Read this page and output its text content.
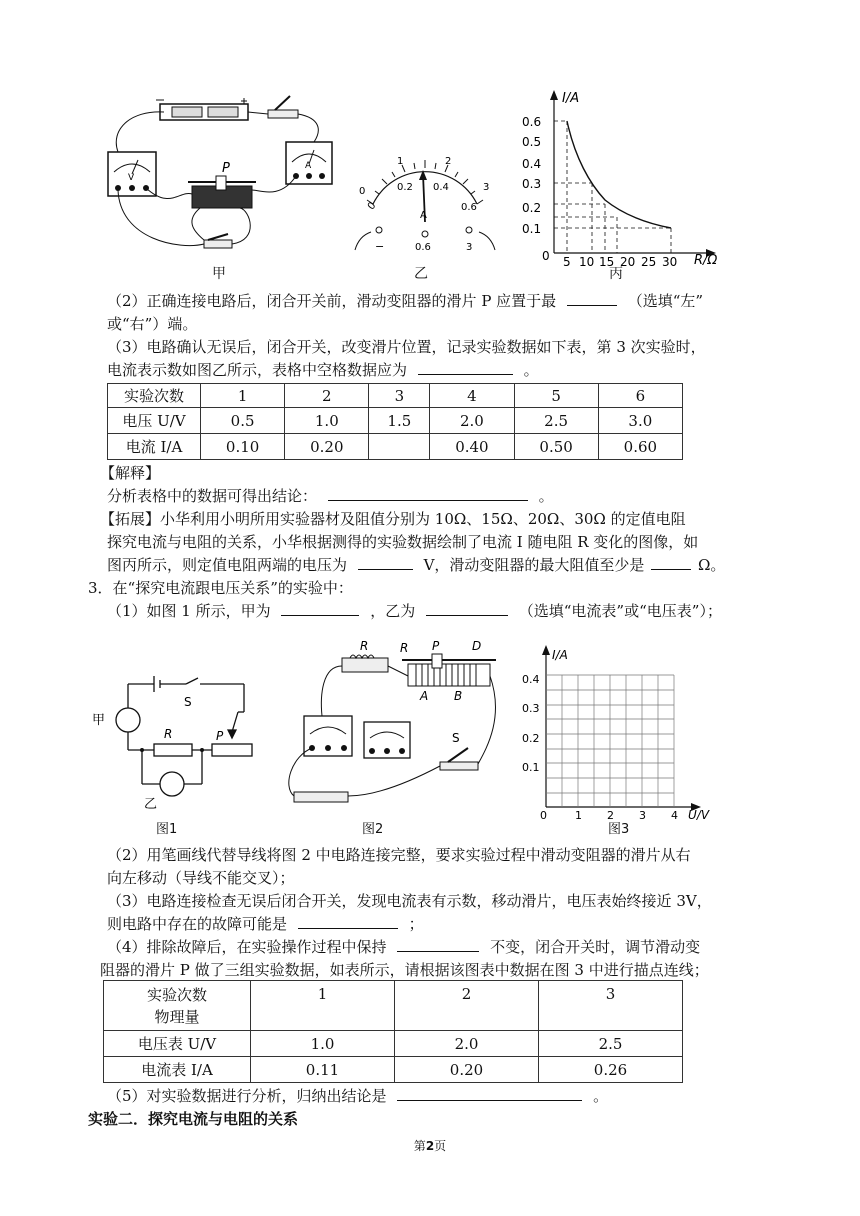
P
V
A
甲
0
1	2
3
0
0.2 0.4
0.6
A
−	0.6	3
乙
I/A
R/Ω
0
0.1
0.2
0.3
0.4
0.5
0.6
5 10 15 20 25 30
丙
（2）正确连接电路后，闭合开关前，滑动变阻器的滑片 P 应置于最	（选填“左”
或“右”）端。
（3）电路确认无误后，闭合开关，改变滑片位置，记录实验数据如下表，第 3 次实验时，
电流表示数如图乙所示，表格中空格数据应为	。
实验次数	1	2	3	4	5	6
电压 U/V	0.5	1.0	1.5	2.0	2.5	3.0
电流 I/A	0.10	0.20		0.40	0.50	0.60
【解释】
分析表格中的数据可得出结论：	。
【拓展】小华利用小明所用实验器材及阻值分别为 10Ω、15Ω、20Ω、30Ω 的定值电阻
探究电流与电阻的关系，小华根据测得的实验数据绘制了电流 I 随电阻 R 变化的图像，如
图丙所示，则定值电阻两端的电压为	V，滑动变阻器的最大阻值至少是	Ω。
3．在“探究电流跟电压关系”的实验中：
（1）如图 1 所示，甲为	，乙为	（选填“电流表”或“电压表”）；
甲
乙
S
R	P
图1
R	R P	D
A B
S
图2
I/A
U/V
0
0.1
0.2
0.3
0.4
1 2 3 4
图3
（2）用笔画线代替导线将图 2 中电路连接完整，要求实验过程中滑动变阻器的滑片从右
向左移动（导线不能交叉）；
（3）电路连接检查无误后闭合开关，发现电流表有示数，移动滑片，电压表始终接近 3V，
则电路中存在的故障可能是	；
（4）排除故障后，在实验操作过程中保持	不变，闭合开关时，调节滑动变
阻器的滑片 P 做了三组实验数据，如表所示，请根据该图表中数据在图 3 中进行描点连线；
实验次数
物理量	1	2	3
电压表 U/V	1.0	2.0	2.5
电流表 I/A	0.11	0.20	0.26
（5）对实验数据进行分析，归纳出结论是	。
实验二．探究电流与电阻的关系
第2页
